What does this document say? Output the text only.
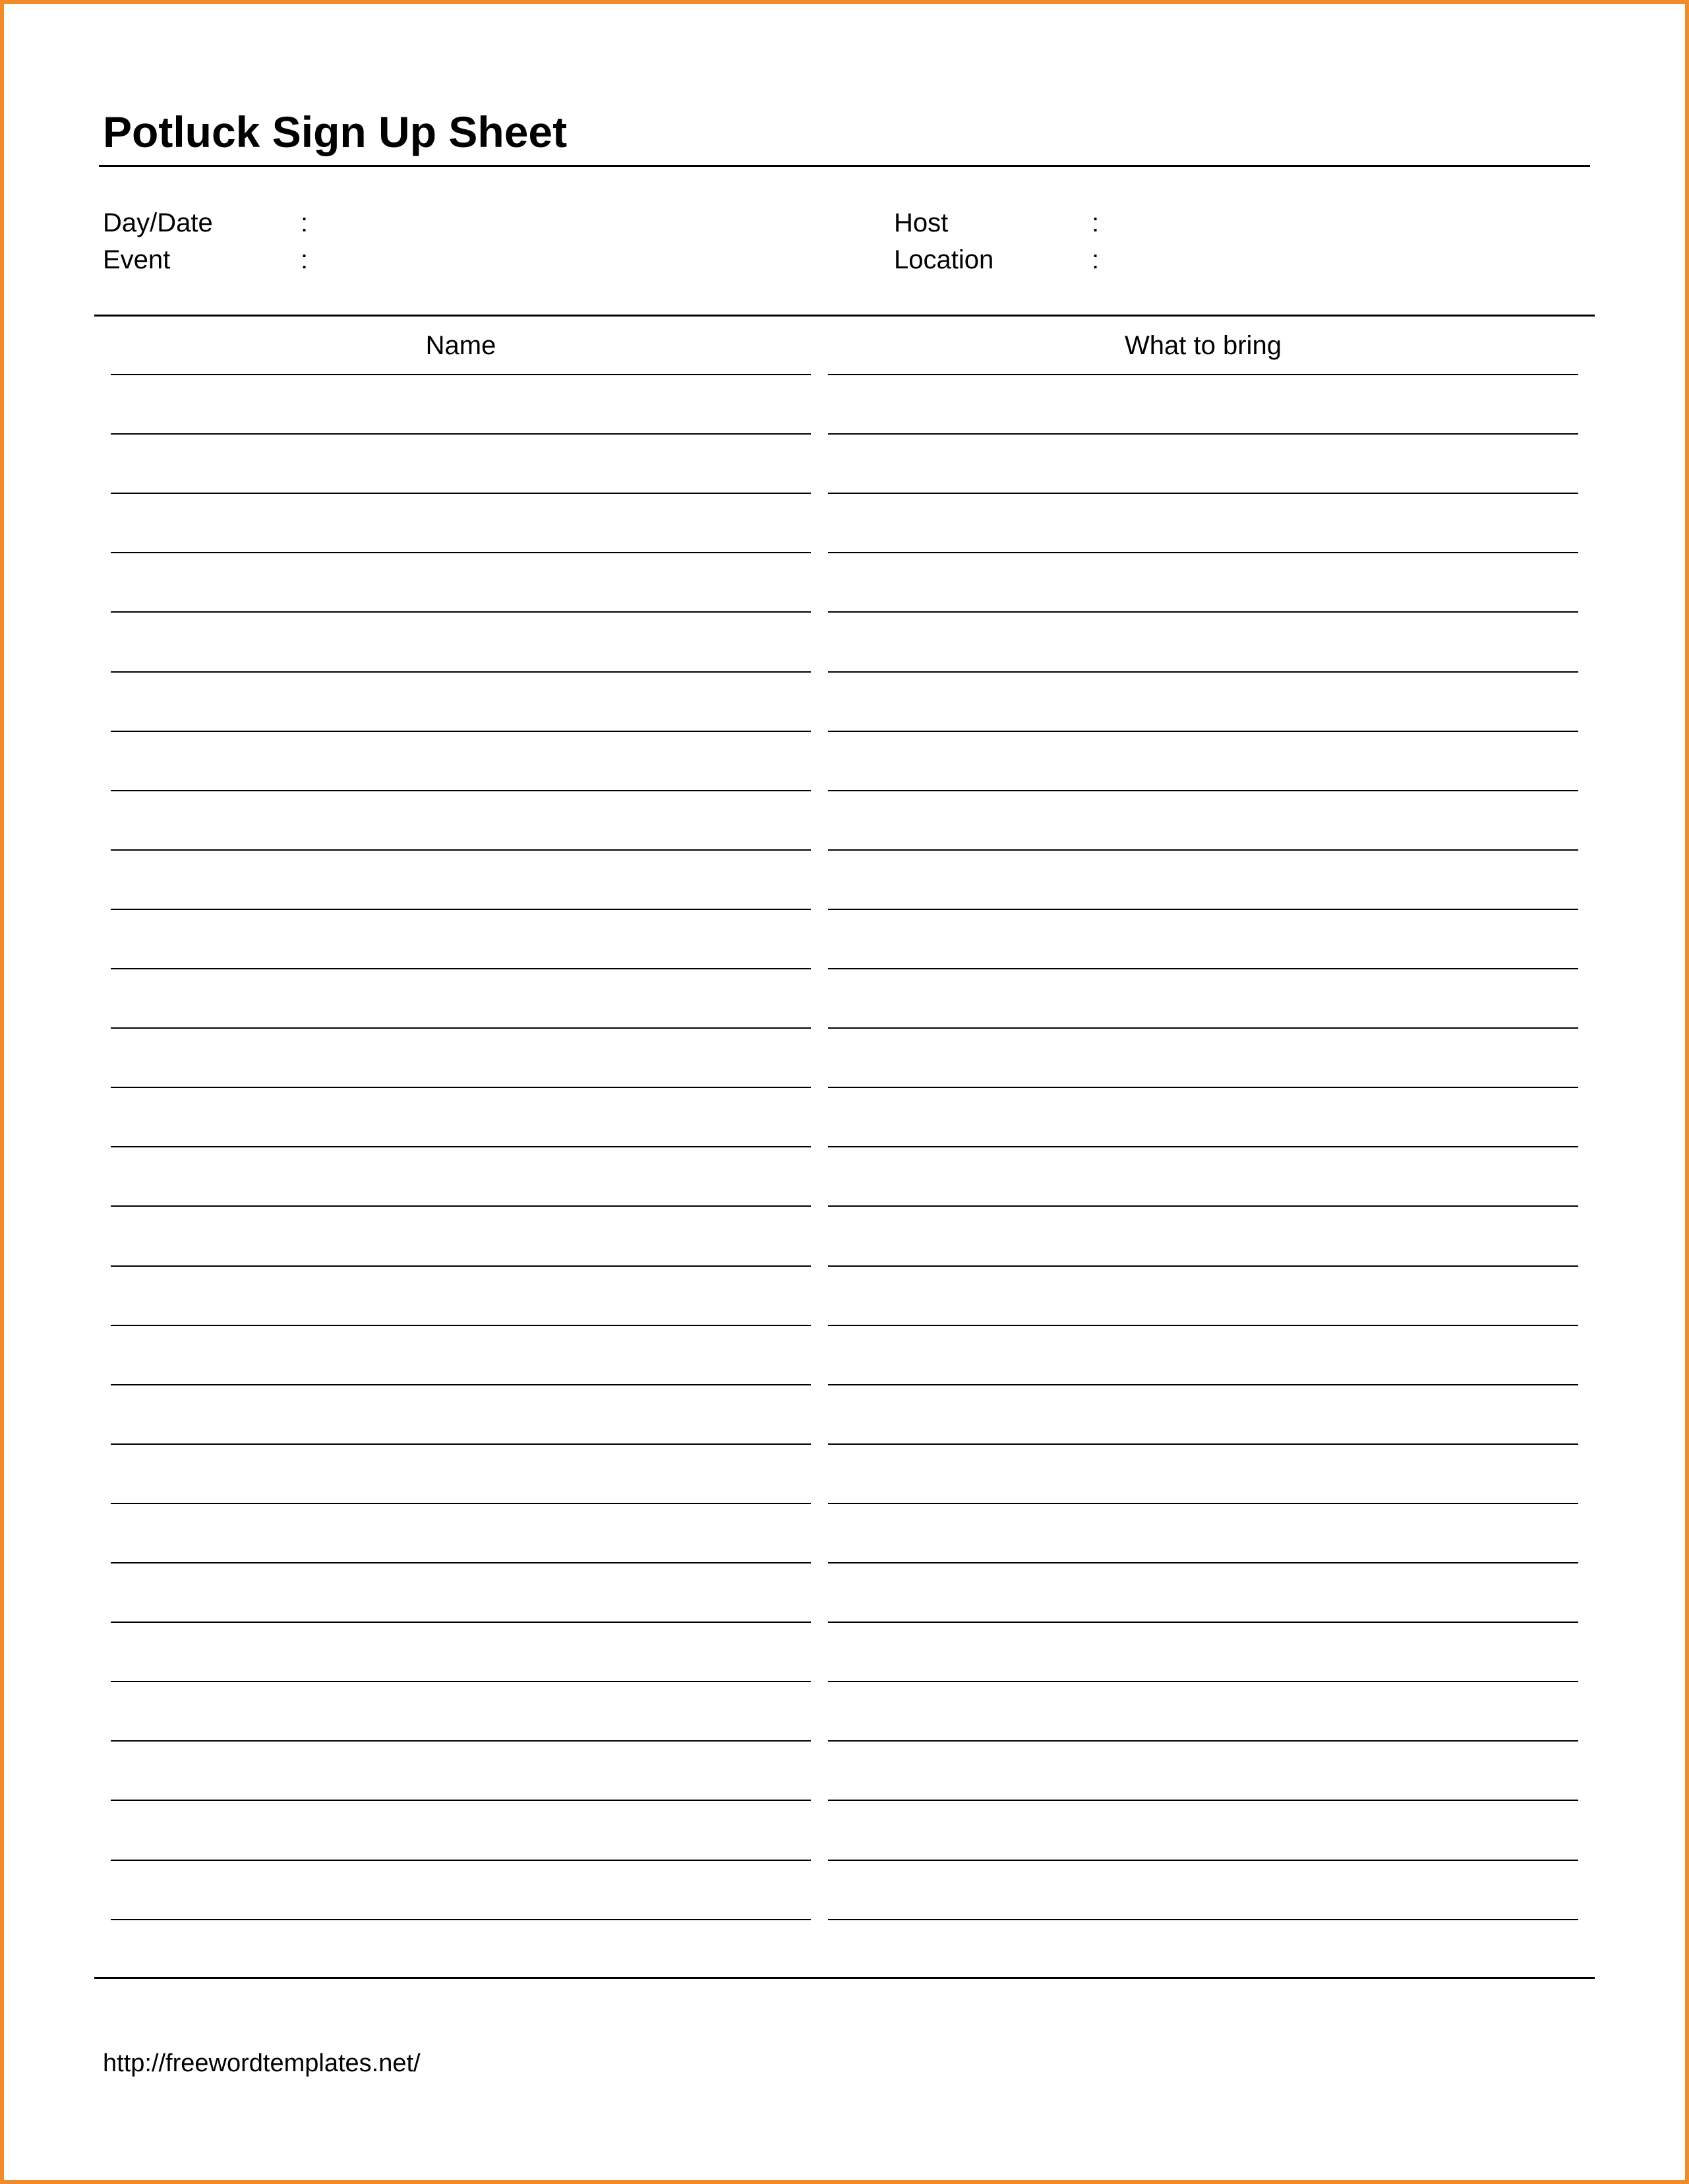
Potluck Sign Up Sheet
Day/Date	:
Event	:
Host	:
Location	:
Name	What to bring
http://freewordtemplates.net/
